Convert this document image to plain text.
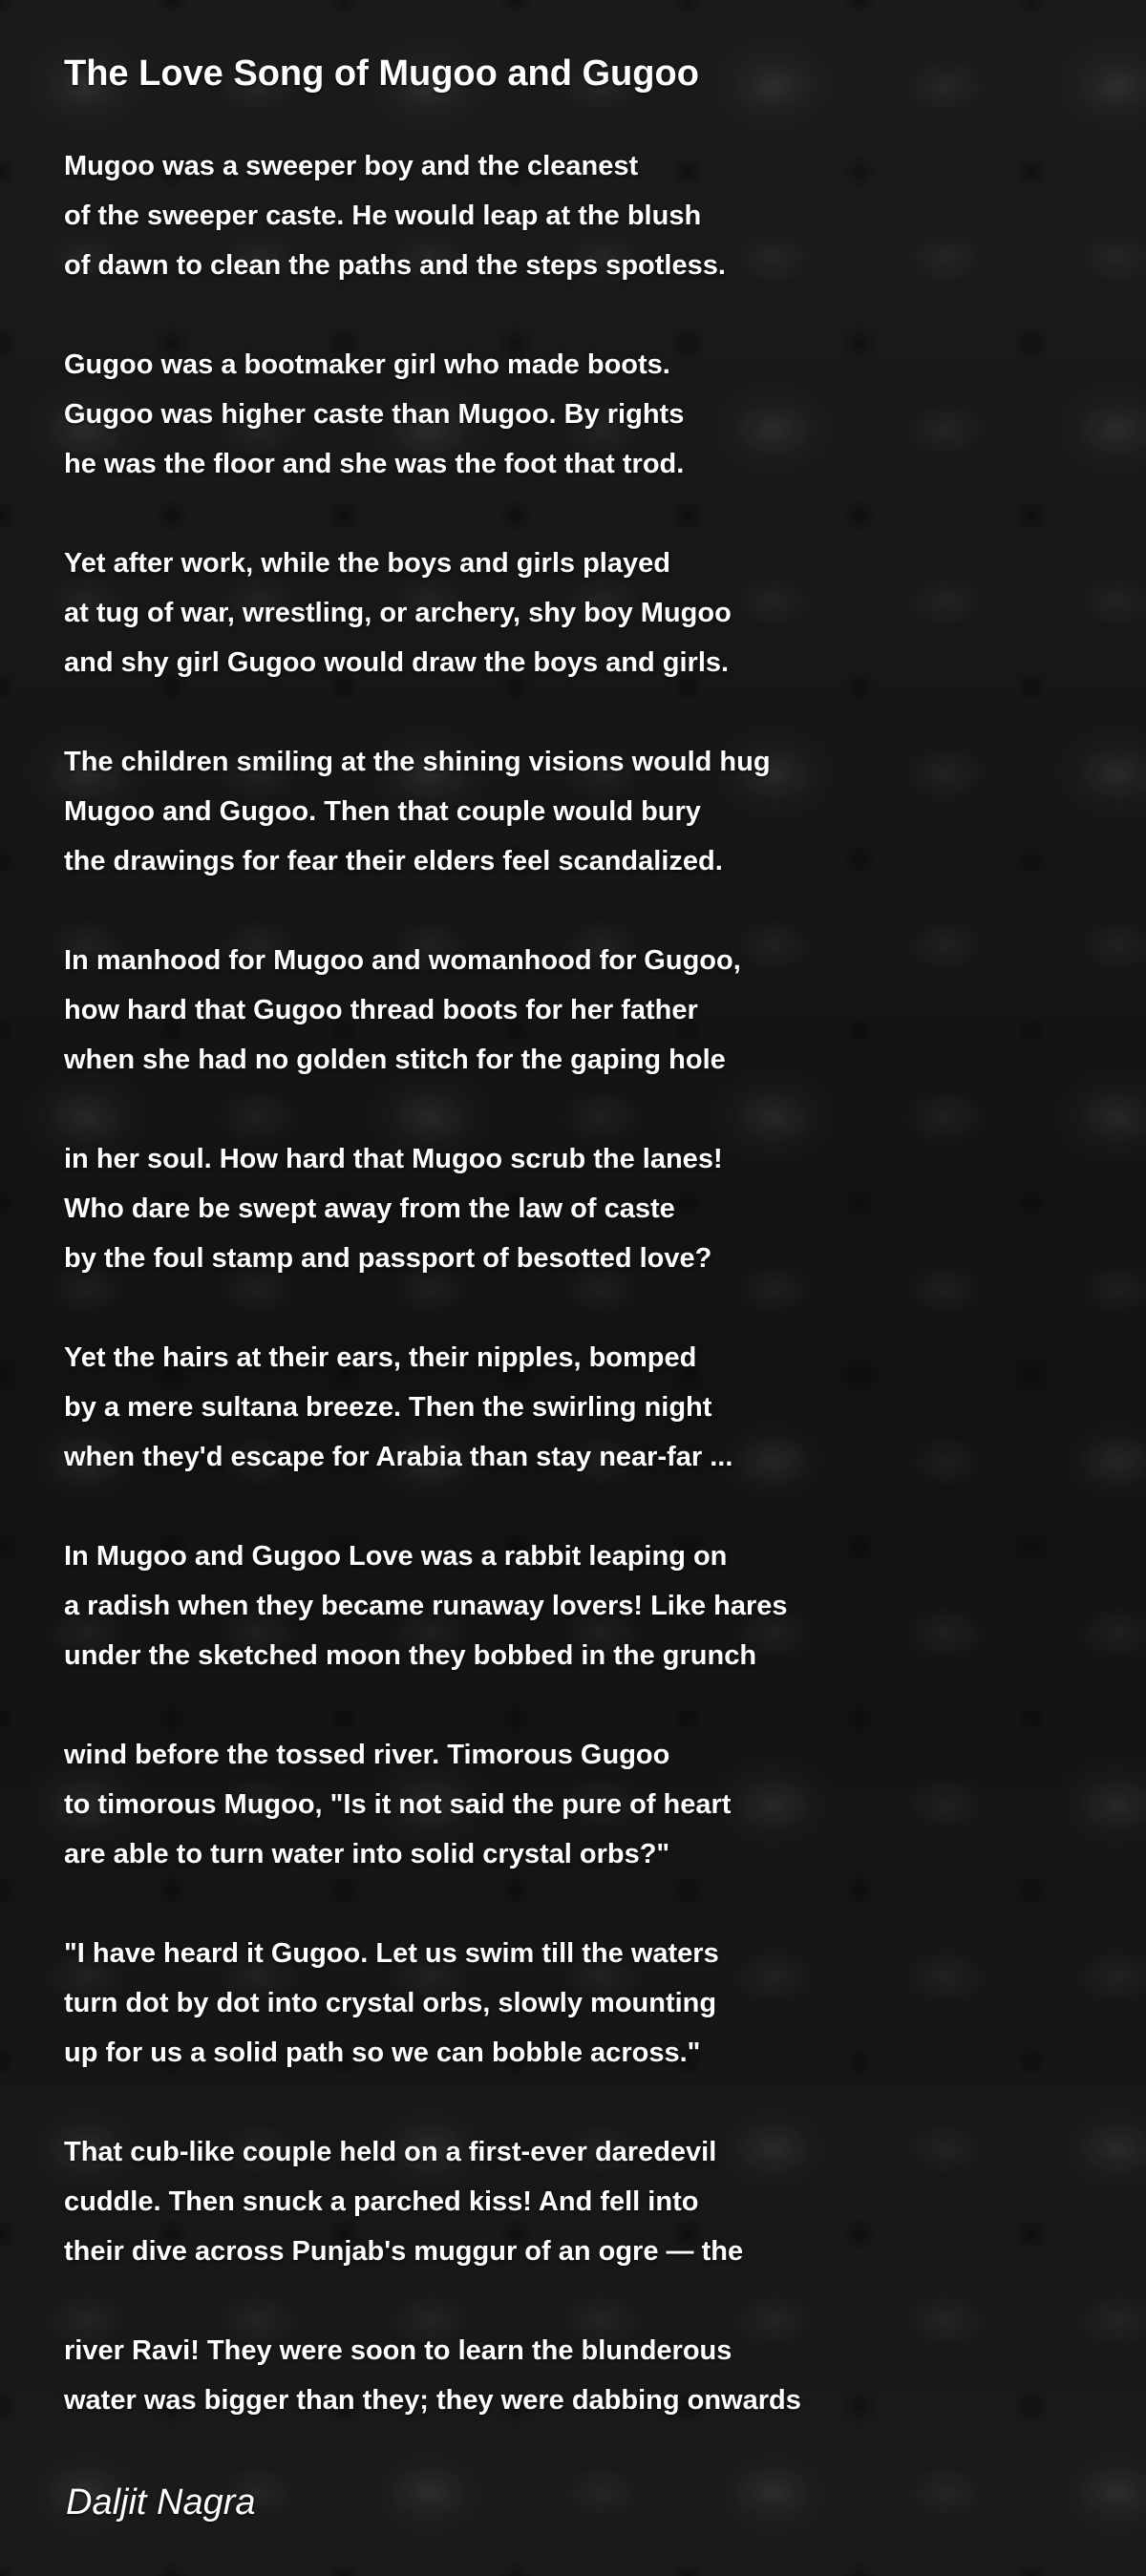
The Love Song of Mugoo and Gugoo
Mugoo was a sweeper boy and the cleanest
of the sweeper caste. He would leap at the blush
of dawn to clean the paths and the steps spotless.
Gugoo was a bootmaker girl who made boots.
Gugoo was higher caste than Mugoo. By rights
he was the floor and she was the foot that trod.
Yet after work, while the boys and girls played
at tug of war, wrestling, or archery, shy boy Mugoo
and shy girl Gugoo would draw the boys and girls.
The children smiling at the shining visions would hug
Mugoo and Gugoo. Then that couple would bury
the drawings for fear their elders feel scandalized.
In manhood for Mugoo and womanhood for Gugoo,
how hard that Gugoo thread boots for her father
when she had no golden stitch for the gaping hole
in her soul. How hard that Mugoo scrub the lanes!
Who dare be swept away from the law of caste
by the foul stamp and passport of besotted love?
Yet the hairs at their ears, their nipples, bomped
by a mere sultana breeze. Then the swirling night
when they'd escape for Arabia than stay near-far ...
In Mugoo and Gugoo Love was a rabbit leaping on
a radish when they became runaway lovers! Like hares
under the sketched moon they bobbed in the grunch
wind before the tossed river. Timorous Gugoo
to timorous Mugoo, "Is it not said the pure of heart
are able to turn water into solid crystal orbs?"
"I have heard it Gugoo. Let us swim till the waters
turn dot by dot into crystal orbs, slowly mounting
up for us a solid path so we can bobble across."
That cub-like couple held on a first-ever daredevil
cuddle. Then snuck a parched kiss! And fell into
their dive across Punjab's muggur of an ogre — the
river Ravi! They were soon to learn the blunderous
water was bigger than they; they were dabbing onwards
Daljit Nagra
